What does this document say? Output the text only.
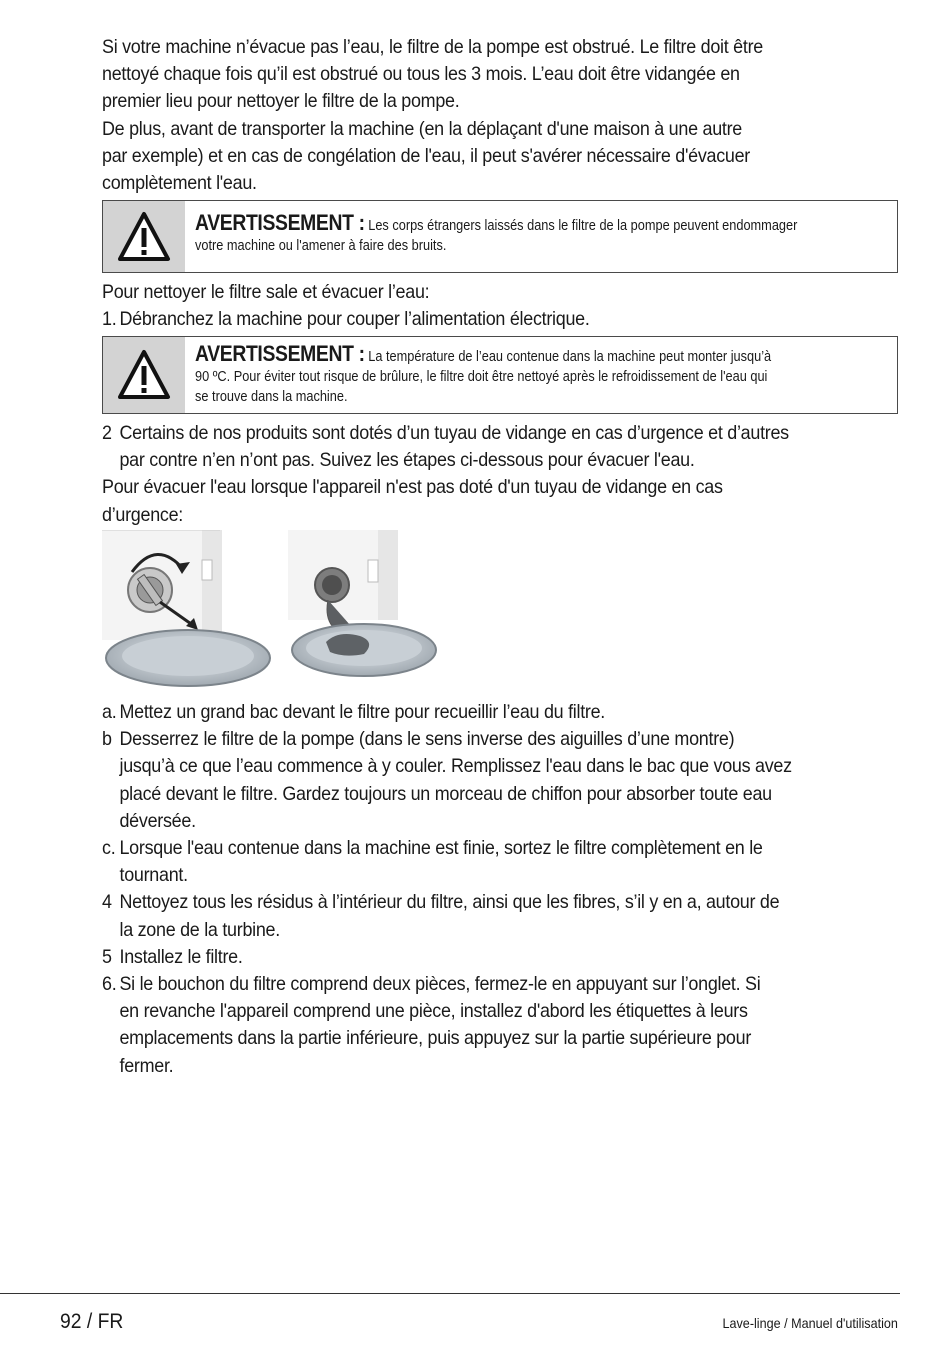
Si votre machine n’évacue pas l’eau, le filtre de la pompe est obstrué. Le filtre doit être

nettoyé chaque fois qu’il est obstrué ou tous les 3 mois. L’eau doit être vidangée en

premier lieu pour nettoyer le filtre de la pompe.

De plus, avant de transporter la machine (en la déplaçant d'une maison à une autre

par exemple) et en cas de congélation de l'eau, il peut s'avérer nécessaire d'évacuer

complètement l'eau.

AVERTISSEMENT : Les corps étrangers laissés dans le filtre de la pompe peuvent endommager
votre machine ou l'amener à faire des bruits.

Pour nettoyer le filtre sale et évacuer l’eau:

1. Débranchez la machine pour couper l’alimentation électrique.
AVERTISSEMENT : La température de l’eau contenue dans la machine peut monter jusqu’à
90 ºC. Pour éviter tout risque de brûlure, le filtre doit être nettoyé après le refroidissement de l'eau qui
se trouve dans la machine.
2 Certains de nos produits sont dotés d’un tuyau de vidange en cas d’urgence et d’autres
par contre n’en n’ont pas. Suivez les étapes ci-dessous pour évacuer l'eau.

Pour évacuer l'eau lorsque l'appareil n'est pas doté d'un tuyau de vidange en cas

d’urgence:

a. Mettez un grand bac devant le filtre pour recueillir l’eau du filtre.
b Desserrez le filtre de la pompe (dans le sens inverse des aiguilles d’une montre)
jusqu’à ce que l’eau commence à y couler. Remplissez l'eau dans le bac que vous avez
placé devant le filtre. Gardez toujours un morceau de chiffon pour absorber toute eau
déversée.
c. Lorsque l'eau contenue dans la machine est finie, sortez le filtre complètement en le
tournant.
4 Nettoyez tous les résidus à l’intérieur du filtre, ainsi que les fibres, s’il y en a, autour de
la zone de la turbine.
5 Installez le filtre.
6. Si le bouchon du filtre comprend deux pièces, fermez-le en appuyant sur l’onglet. Si
en revanche l'appareil comprend une pièce, installez d'abord les étiquettes à leurs
emplacements dans la partie inférieure, puis appuyez sur la partie supérieure pour
fermer.
92 / FR	Lave-linge / Manuel d'utilisation
